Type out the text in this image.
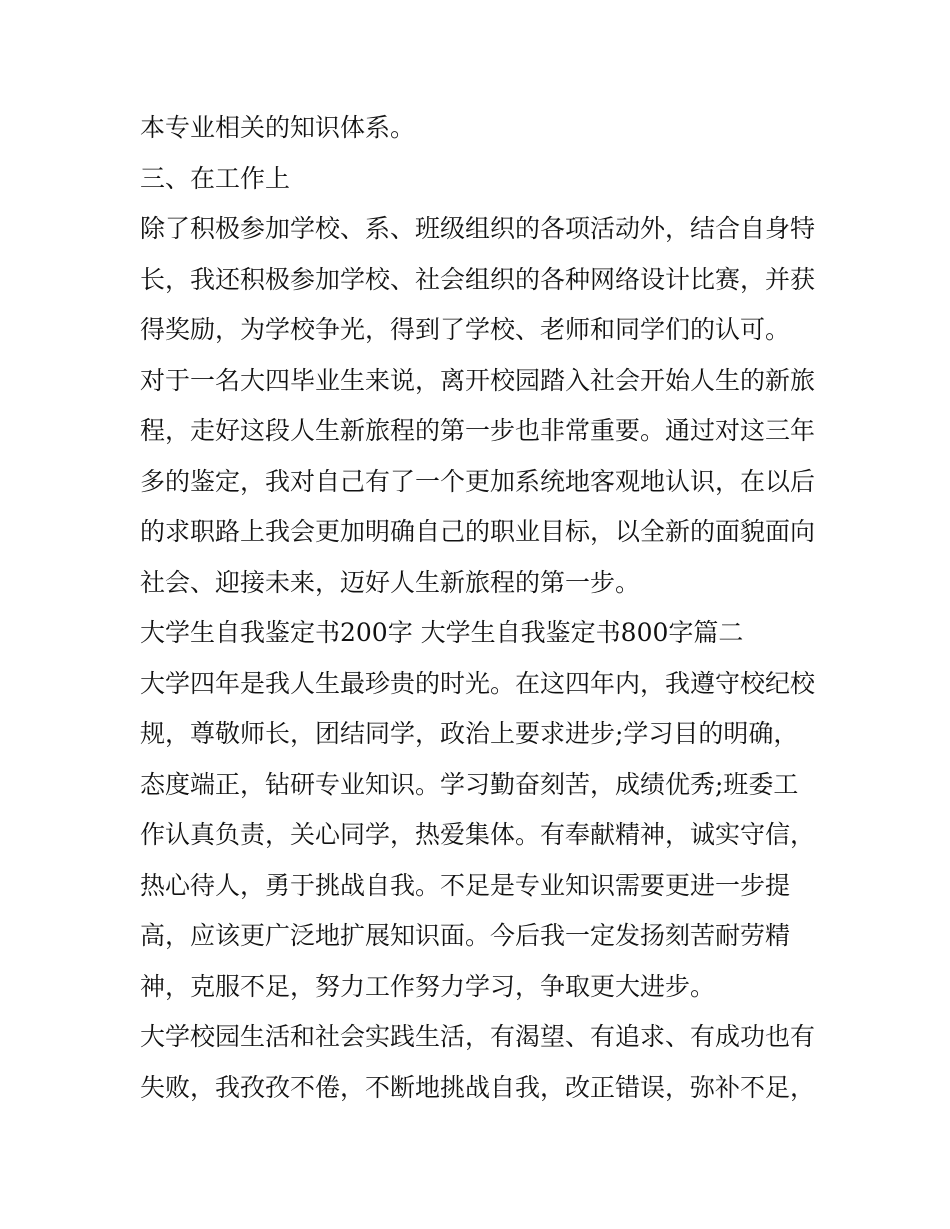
本专业相关的知识体系。
三、在工作上
除了积极参加学校、系、班级组织的各项活动外，结合自身特
长，我还积极参加学校、社会组织的各种网络设计比赛，并获
得奖励，为学校争光，得到了学校、老师和同学们的认可。
对于一名大四毕业生来说，离开校园踏入社会开始人生的新旅
程，走好这段人生新旅程的第一步也非常重要。通过对这三年
多的鉴定，我对自己有了一个更加系统地客观地认识，在以后
的求职路上我会更加明确自己的职业目标，以全新的面貌面向
社会、迎接未来，迈好人生新旅程的第一步。
大学生自我鉴定书200字 大学生自我鉴定书800字篇二
大学四年是我人生最珍贵的时光。在这四年内，我遵守校纪校
规，尊敬师长，团结同学，政治上要求进步;学习目的明确，
态度端正，钻研专业知识。学习勤奋刻苦，成绩优秀;班委工
作认真负责，关心同学，热爱集体。有奉献精神，诚实守信，
热心待人，勇于挑战自我。不足是专业知识需要更进一步提
高，应该更广泛地扩展知识面。今后我一定发扬刻苦耐劳精
神，克服不足，努力工作努力学习，争取更大进步。
大学校园生活和社会实践生活，有渴望、有追求、有成功也有
失败，我孜孜不倦，不断地挑战自我，改正错误，弥补不足，
